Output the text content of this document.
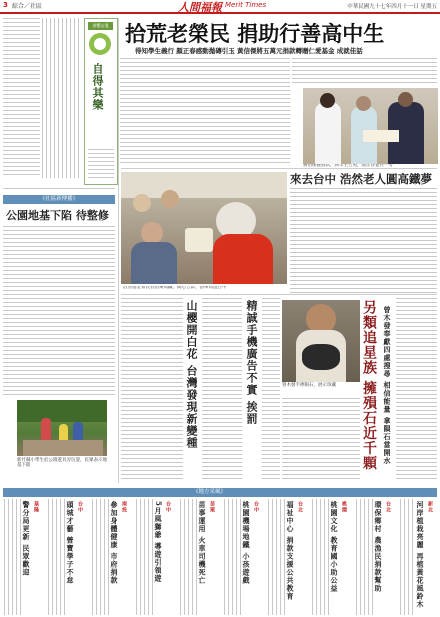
3 綜合／社區	人間福報 Merit Times	中華民國九十七年四月十一日 星期五
迴響山箋
自得其樂
拾荒老榮民 捐助行善高中生
得知學生義行 顏正春感動拋磚引玉 黃信傑將五萬元捐款轉贈仁愛基金 成就佳話
黃信傑獲捐款，與學生合照，顏正春並在一旁
《社區新傳播》
公園地基下陷 待整修
新竹縣小學生於公園遊具旁玩耍，民眾表示地基下陷
浩然基金會長者搭乘高鐵，開心合影，搭車同遊台中
來去台中 浩然老人圓高鐵夢
山櫻開白花 台灣發現新變種	精誠手機廣告不實 挨罰	曾木發手捧隕石，展示珍藏	另類追星族 擁殞石近千顆 曾木發奉獻四處搜尋 相信能量 拿隕石當開水
《地方采風》
基隆
警分局更新 民眾歡迎	台中
頭城才藝 營寶學子不怠	南投
參加身體健康 市府捐款	台中
5月風獅爺 導遊引領遊	苗栗
苗事運用 火車司機死亡	台中
桃園機場地鐵 小孩遊戲	台北
福祉中心 捐款支援公共教育	桃園
桃園文化 教育國小助公益	台北
環保鄉村 農漁民捐款幫助	新北
河岸植栽亮麗 再植黃花風鈴木
